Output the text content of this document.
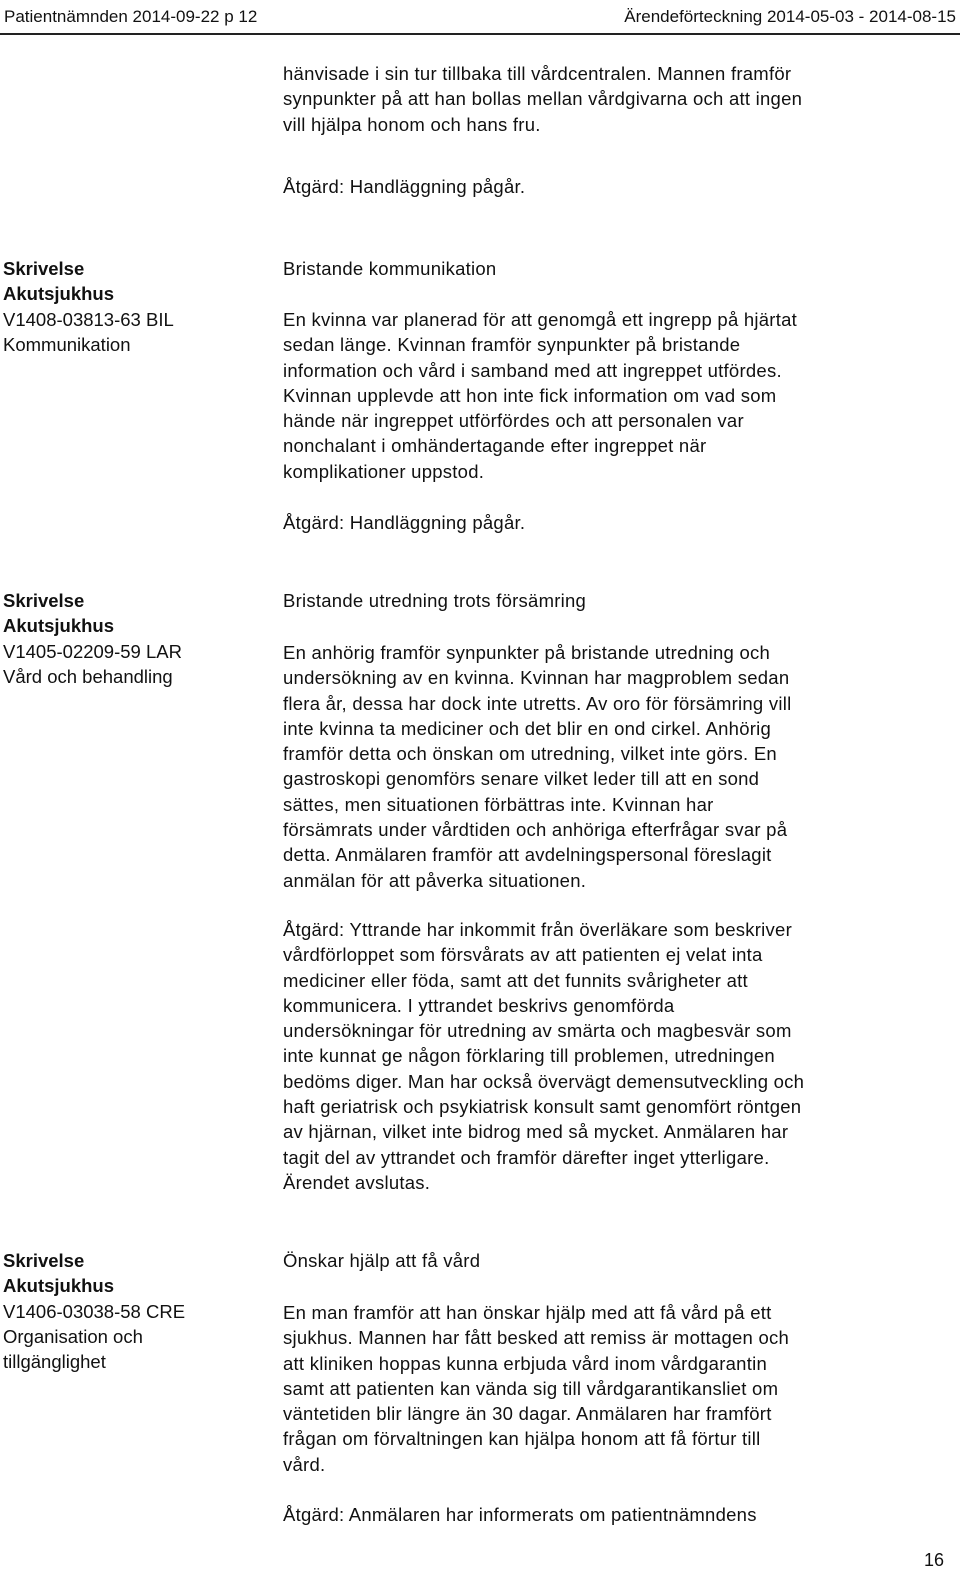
Patientnämnden 2014-09-22 p 12	Ärendeförteckning 2014-05-03 - 2014-08-15

hänvisade i sin tur tillbaka till vårdcentralen. Mannen framför
synpunkter på att han bollas mellan vårdgivarna och att ingen
vill hjälpa honom och hans fru.

Åtgärd: Handläggning pågår.

Skrivelse
Akutsjukhus
V1408-03813-63 BIL
Kommunikation

Bristande kommunikation

En kvinna var planerad för att genomgå ett ingrepp på hjärtat
sedan länge. Kvinnan framför synpunkter på bristande
information och vård i samband med att ingreppet utfördes.
Kvinnan upplevde att hon inte fick information om vad som
hände när ingreppet utförfördes och att personalen var
nonchalant i omhändertagande efter ingreppet när
komplikationer uppstod.

Åtgärd: Handläggning pågår.

Skrivelse
Akutsjukhus
V1405-02209-59 LAR
Vård och behandling

Bristande utredning trots försämring

En anhörig framför synpunkter på bristande utredning och
undersökning av en kvinna. Kvinnan har magproblem sedan
flera år, dessa har dock inte utretts. Av oro för försämring vill
inte kvinna ta mediciner och det blir en ond cirkel. Anhörig
framför detta och önskan om utredning, vilket inte görs. En
gastroskopi genomförs senare vilket leder till att en sond
sättes, men situationen förbättras inte. Kvinnan har
försämrats under vårdtiden och anhöriga efterfrågar svar på
detta. Anmälaren framför att avdelningspersonal föreslagit
anmälan för att påverka situationen.

Åtgärd: Yttrande har inkommit från överläkare som beskriver
vårdförloppet som försvårats av att patienten ej velat inta
mediciner eller föda, samt att det funnits svårigheter att
kommunicera. I yttrandet beskrivs genomförda
undersökningar för utredning av smärta och magbesvär som
inte kunnat ge någon förklaring till problemen, utredningen
bedöms diger. Man har också övervägt demensutveckling och
haft geriatrisk och psykiatrisk konsult samt genomfört röntgen
av hjärnan, vilket inte bidrog med så mycket. Anmälaren har
tagit del av yttrandet och framför därefter inget ytterligare.
Ärendet avslutas.

Skrivelse
Akutsjukhus
V1406-03038-58 CRE
Organisation och
tillgänglighet

Önskar hjälp att få vård

En man framför att han önskar hjälp med att få vård på ett
sjukhus. Mannen har fått besked att remiss är mottagen och
att kliniken hoppas kunna erbjuda vård inom vårdgarantin
samt att patienten kan vända sig till vårdgarantikansliet om
väntetiden blir längre än 30 dagar. Anmälaren har framfört
frågan om förvaltningen kan hjälpa honom att få förtur till
vård.

Åtgärd: Anmälaren har informerats om patientnämndens

16
